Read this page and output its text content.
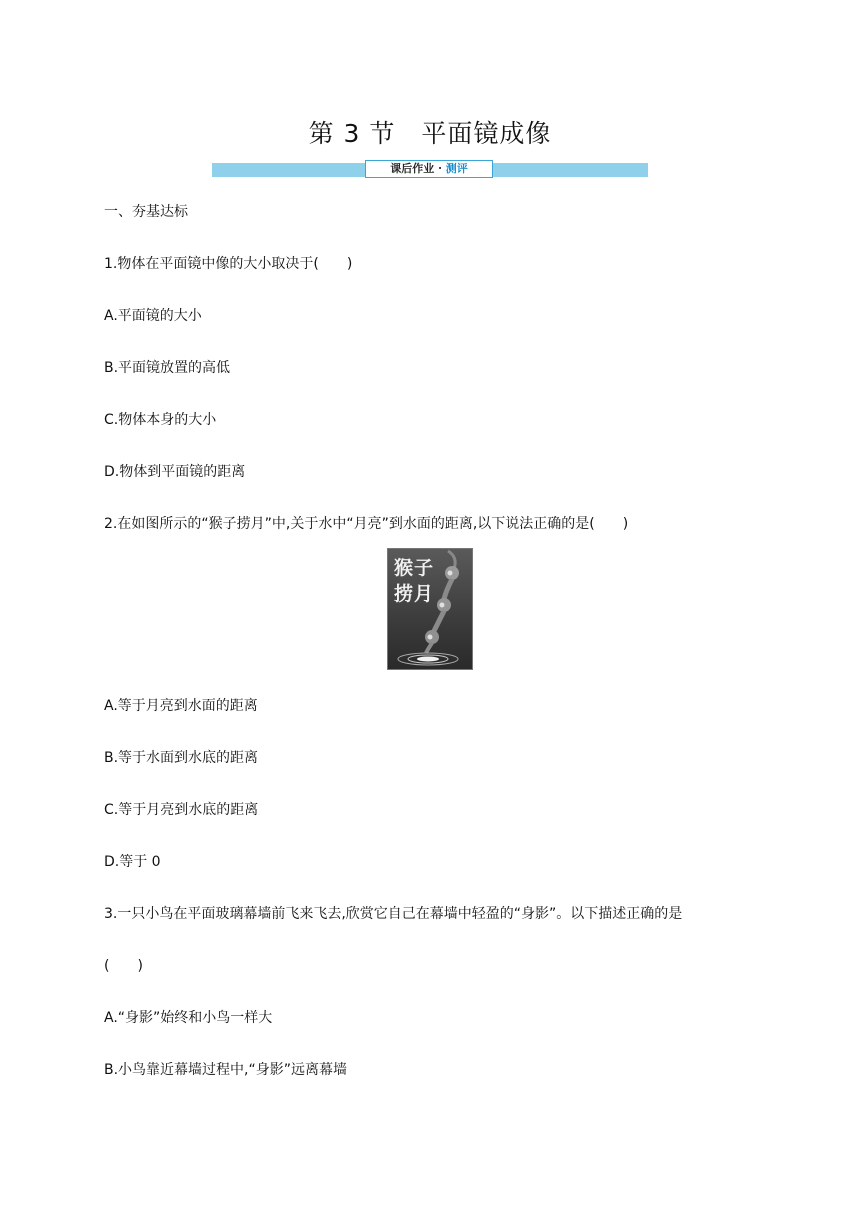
第 3 节　平面镜成像
课后作业 · 测评
一、夯基达标
1.物体在平面镜中像的大小取决于(　　)
A.平面镜的大小
B.平面镜放置的高低
C.物体本身的大小
D.物体到平面镜的距离
2.在如图所示的“猴子捞月”中,关于水中“月亮”到水面的距离,以下说法正确的是(　　)
猴子
捞月
A.等于月亮到水面的距离
B.等于水面到水底的距离
C.等于月亮到水底的距离
D.等于 0
3.一只小鸟在平面玻璃幕墙前飞来飞去,欣赏它自己在幕墙中轻盈的“身影”。以下描述正确的是
(　　)
A.“身影”始终和小鸟一样大
B.小鸟靠近幕墙过程中,“身影”远离幕墙
